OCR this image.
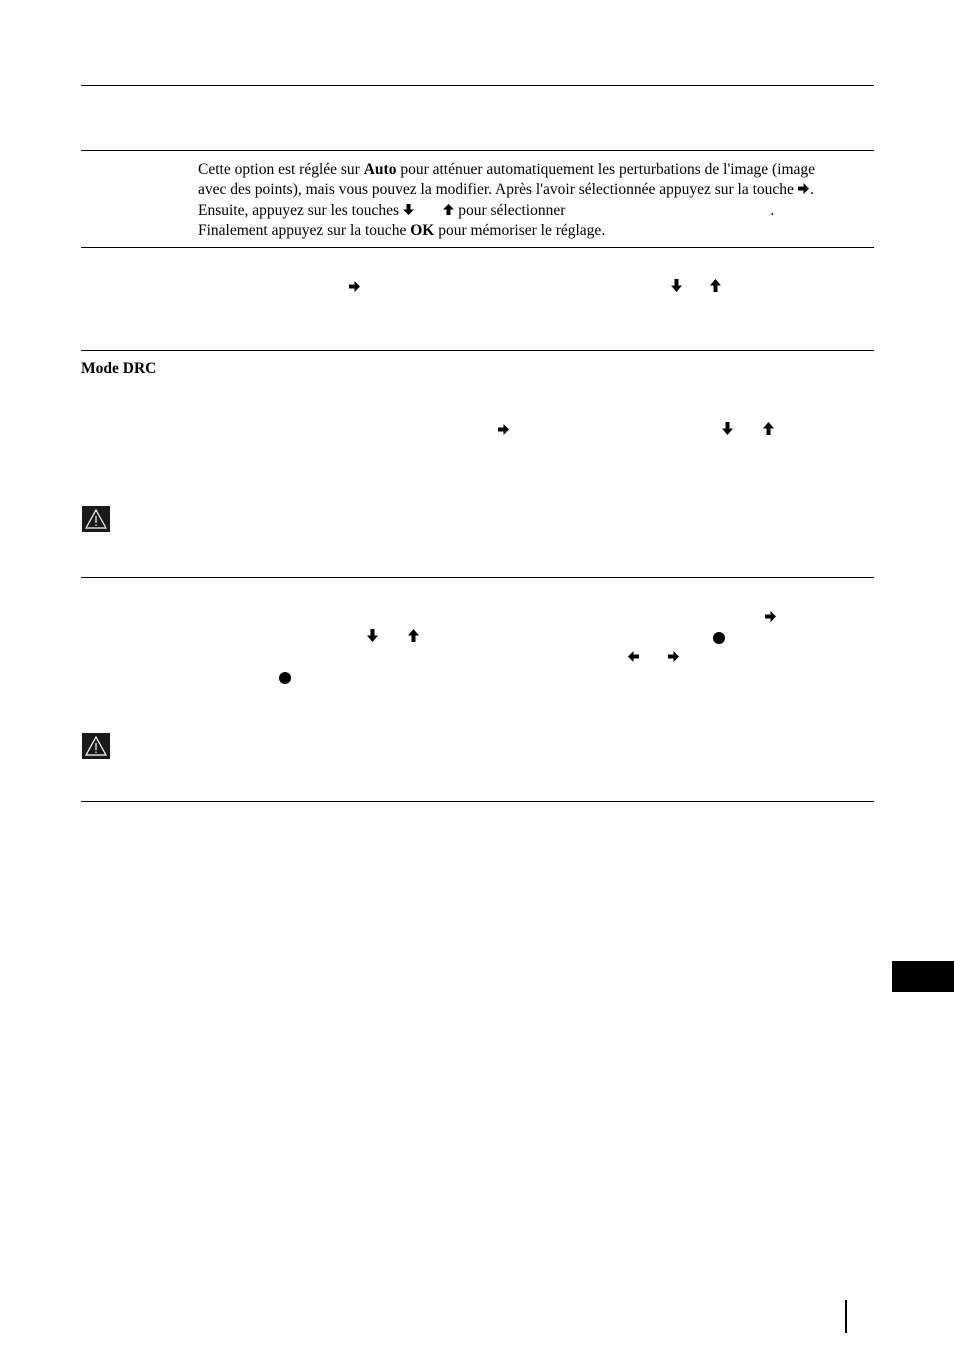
Cette option est réglée sur Auto pour atténuer automatiquement les perturbations de l'image (image
avec des points), mais vous pouvez la modifier. Après l'avoir sélectionnée appuyez sur la touche  .
Ensuite, appuyez sur les touches 
 	pour sélectionner	.
Finalement appuyez sur la touche OK pour mémoriser le réglage.
Mode DRC
